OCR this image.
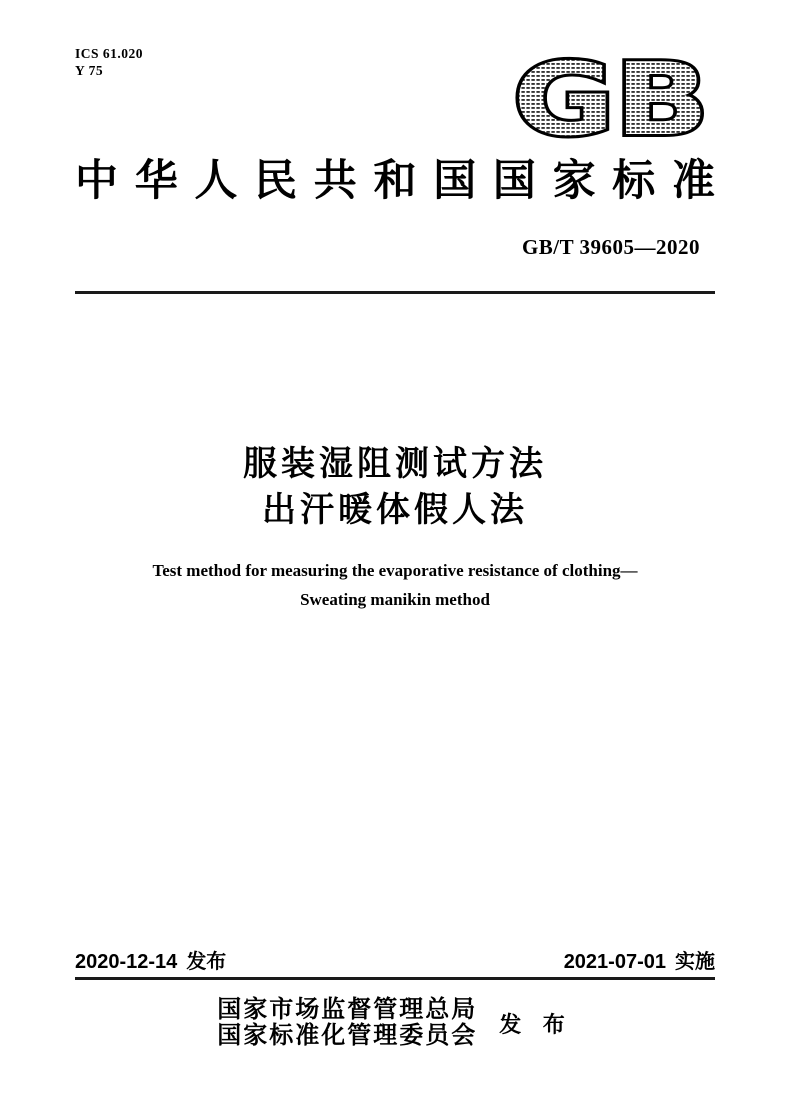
ICS 61.020
Y 75	GB
中华人民共和国国家标准
GB/T 39605—2020
服装湿阻测试方法
出汗暖体假人法
Test method for measuring the evaporative resistance of clothing—
Sweating manikin method
2020-12-14 发布	2021-07-01 实施
国家市场监督管理总局
国家标准化管理委员会 发 布
